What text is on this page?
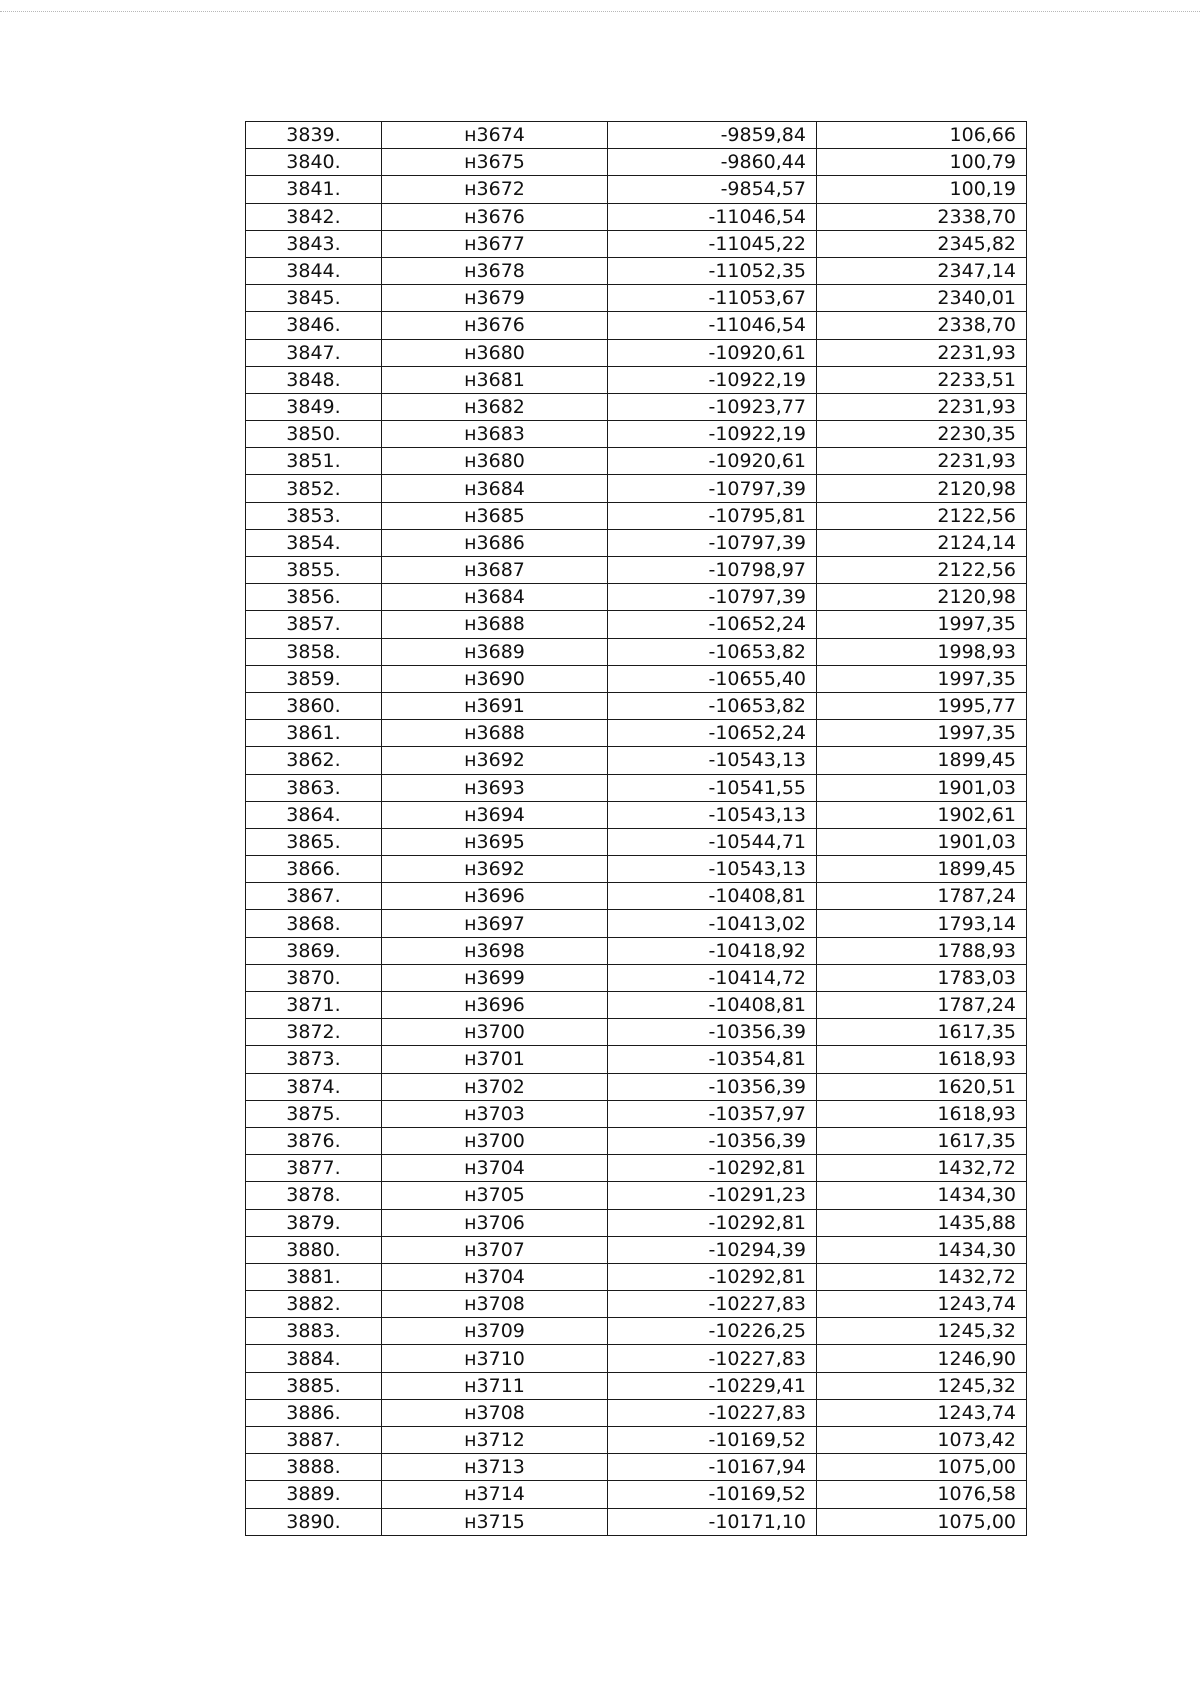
3839.	н3674	-9859,84	106,66
3840.	н3675	-9860,44	100,79
3841.	н3672	-9854,57	100,19
3842.	н3676	-11046,54	2338,70
3843.	н3677	-11045,22	2345,82
3844.	н3678	-11052,35	2347,14
3845.	н3679	-11053,67	2340,01
3846.	н3676	-11046,54	2338,70
3847.	н3680	-10920,61	2231,93
3848.	н3681	-10922,19	2233,51
3849.	н3682	-10923,77	2231,93
3850.	н3683	-10922,19	2230,35
3851.	н3680	-10920,61	2231,93
3852.	н3684	-10797,39	2120,98
3853.	н3685	-10795,81	2122,56
3854.	н3686	-10797,39	2124,14
3855.	н3687	-10798,97	2122,56
3856.	н3684	-10797,39	2120,98
3857.	н3688	-10652,24	1997,35
3858.	н3689	-10653,82	1998,93
3859.	н3690	-10655,40	1997,35
3860.	н3691	-10653,82	1995,77
3861.	н3688	-10652,24	1997,35
3862.	н3692	-10543,13	1899,45
3863.	н3693	-10541,55	1901,03
3864.	н3694	-10543,13	1902,61
3865.	н3695	-10544,71	1901,03
3866.	н3692	-10543,13	1899,45
3867.	н3696	-10408,81	1787,24
3868.	н3697	-10413,02	1793,14
3869.	н3698	-10418,92	1788,93
3870.	н3699	-10414,72	1783,03
3871.	н3696	-10408,81	1787,24
3872.	н3700	-10356,39	1617,35
3873.	н3701	-10354,81	1618,93
3874.	н3702	-10356,39	1620,51
3875.	н3703	-10357,97	1618,93
3876.	н3700	-10356,39	1617,35
3877.	н3704	-10292,81	1432,72
3878.	н3705	-10291,23	1434,30
3879.	н3706	-10292,81	1435,88
3880.	н3707	-10294,39	1434,30
3881.	н3704	-10292,81	1432,72
3882.	н3708	-10227,83	1243,74
3883.	н3709	-10226,25	1245,32
3884.	н3710	-10227,83	1246,90
3885.	н3711	-10229,41	1245,32
3886.	н3708	-10227,83	1243,74
3887.	н3712	-10169,52	1073,42
3888.	н3713	-10167,94	1075,00
3889.	н3714	-10169,52	1076,58
3890.	н3715	-10171,10	1075,00
